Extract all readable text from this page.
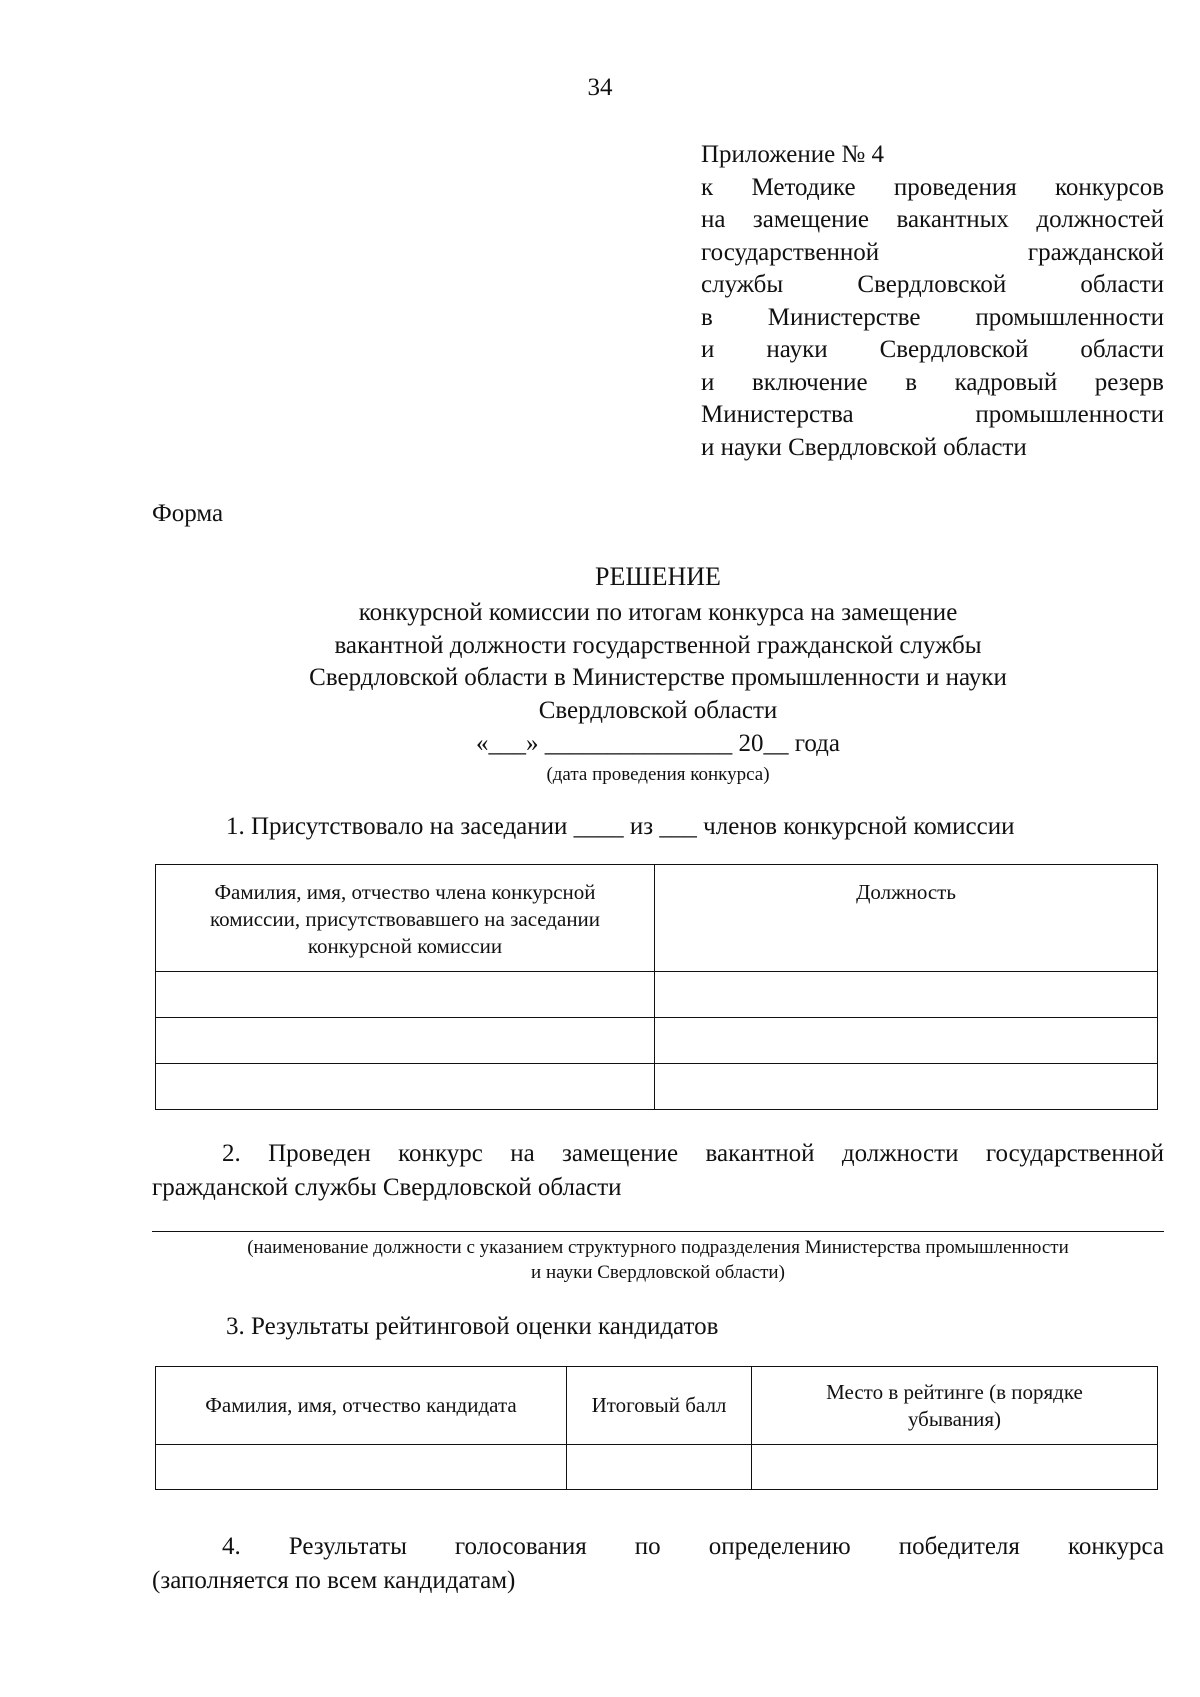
34
Приложение № 4
к Методике проведения конкурсов
на замещение вакантных должностей
государственной гражданской
службы Свердловской области
в Министерстве промышленности
и науки Свердловской области
и включение в кадровый резерв
Министерства промышленности
и науки Свердловской области
Форма
РЕШЕНИЕ
конкурсной комиссии по итогам конкурса на замещение
вакантной должности государственной гражданской службы
Свердловской области в Министерстве промышленности и науки
Свердловской области
«___» _______________ 20__ года
(дата проведения конкурса)
1. Присутствовало на заседании ____ из ___ членов конкурсной комиссии
Фамилия, имя, отчество члена конкурсной комиссии, присутствовавшего на заседании конкурсной комиссии	Должность

2. Проведен конкурс на замещение вакантной должности государственной
гражданской службы Свердловской области
(наименование должности с указанием структурного подразделения Министерства промышленности
и науки Свердловской области)
3. Результаты рейтинговой оценки кандидатов
Фамилия, имя, отчество кандидата	Итоговый балл	Место в рейтинге (в порядке убывания)

4. Результаты голосования по определению победителя конкурса
(заполняется по всем кандидатам)
